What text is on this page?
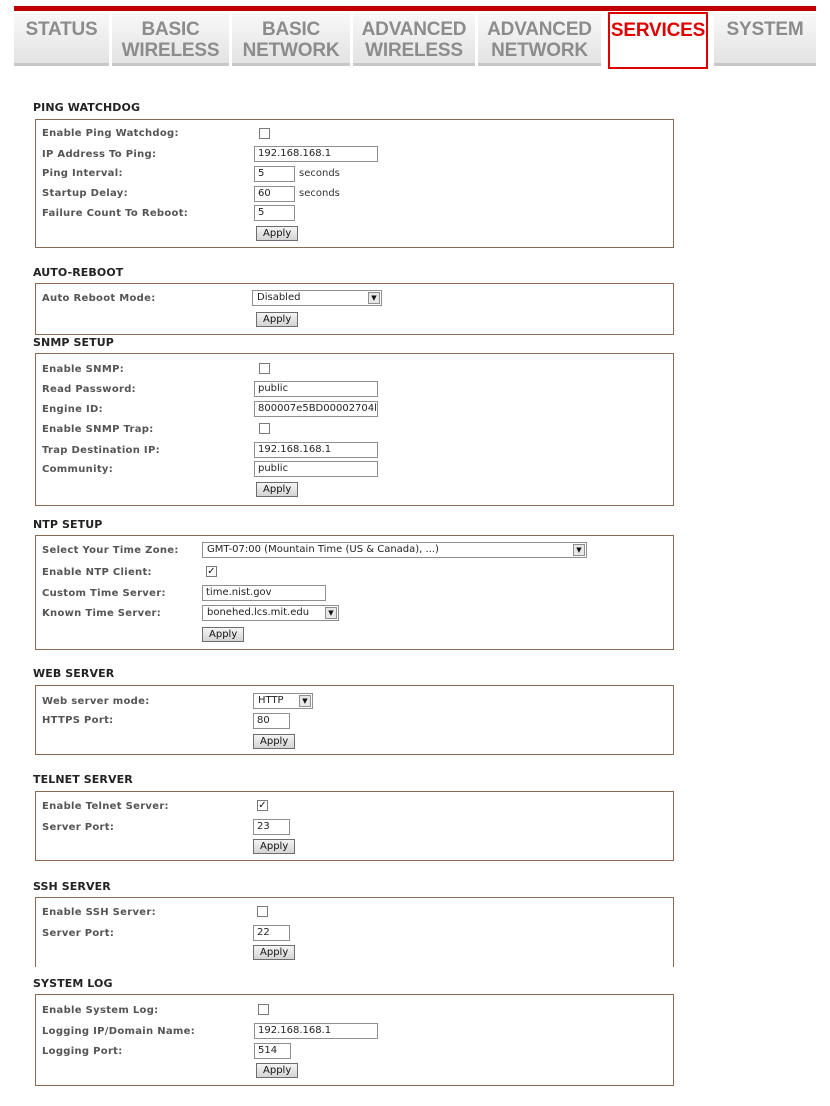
STATUS	BASIC
WIRELESS
BASIC
NETWORK
ADVANCED
WIRELESS
ADVANCED
NETWORK
SERVICES	SYSTEM
PING WATCHDOG
Enable Ping Watchdog:
IP Address To Ping:	192.168.168.1
Ping Interval:	5	seconds
Startup Delay:	60	seconds
Failure Count To Reboot:	5
Apply
AUTO-REBOOT
Auto Reboot Mode:	Disabled	▼
Apply
SNMP SETUP
Enable SNMP:
Read Password:	public
Engine ID:	800007e5BD00002704l
Enable SNMP Trap:
Trap Destination IP:	192.168.168.1
Community:	public
Apply
NTP SETUP
Select Your Time Zone:	GMT-07:00 (Mountain Time (US & Canada), ...)	▼
Enable NTP Client:	✓
Custom Time Server:	time.nist.gov
Known Time Server:	bonehed.lcs.mit.edu	▼
Apply
WEB SERVER
Web server mode:	HTTP	▼
HTTPS Port:	80
Apply
TELNET SERVER
Enable Telnet Server:	✓
Server Port:	23
Apply
SSH SERVER
Enable SSH Server:
Server Port:	22
Apply
SYSTEM LOG
Enable System Log:
Logging IP/Domain Name:	192.168.168.1
Logging Port:	514
Apply
